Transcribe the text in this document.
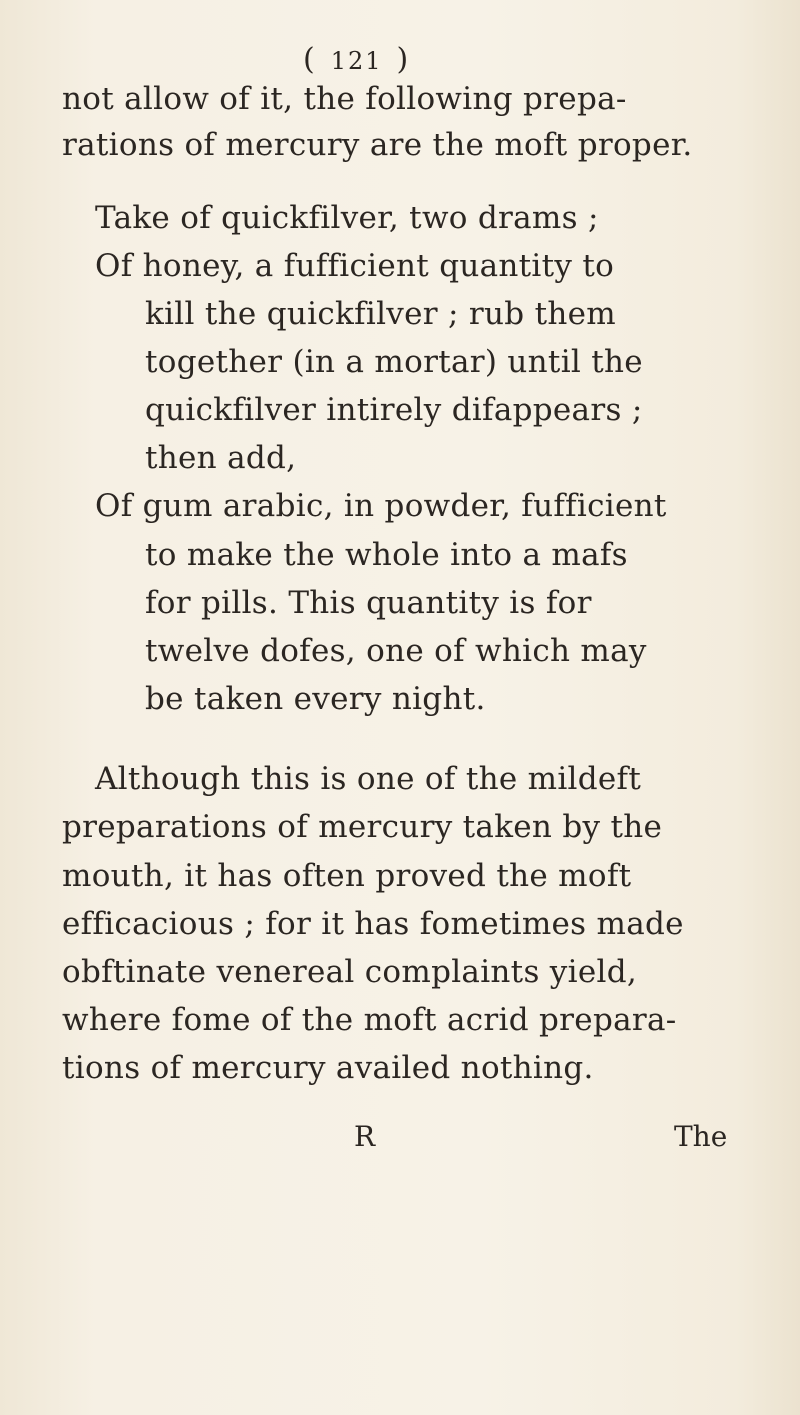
( 121 )
not allow of it, the following prepa-
rations of mercury are the moft proper.
Take of quickfilver, two drams ;
Of honey, a fufficient quantity to
kill the quickfilver ; rub them
together (in a mortar) until the
quickfilver intirely difappears ;
then add,
Of gum arabic, in powder, fufficient
to make the whole into a mafs
for pills. This quantity is for
twelve dofes, one of which may
be taken every night.
Although this is one of the mildeft
preparations of mercury taken by the
mouth, it has often proved the moft
efficacious ; for it has fometimes made
obftinate venereal complaints yield,
where fome of the moft acrid prepara-
tions of mercury availed nothing.
R	The
